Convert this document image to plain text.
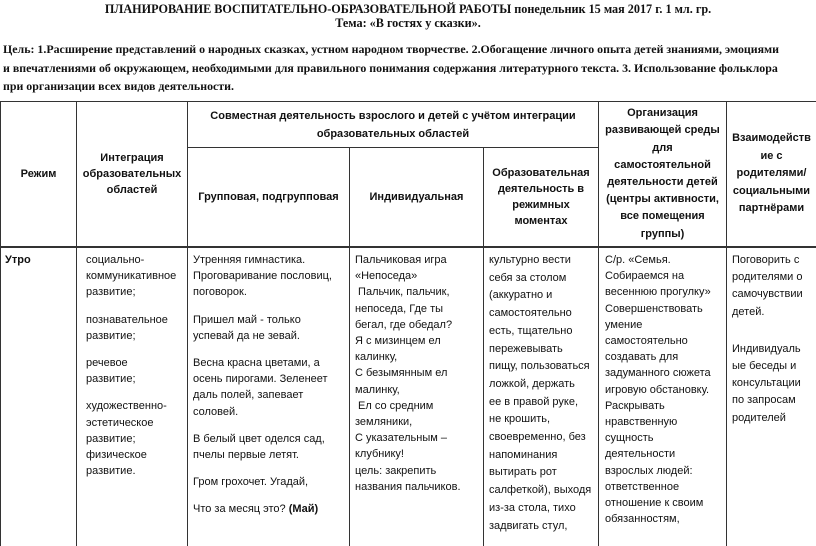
ПЛАНИРОВАНИЕ ВОСПИТАТЕЛЬНО-ОБРАЗОВАТЕЛЬНОЙ РАБОТЫ понедельник 15 мая 2017 г. 1 мл. гр.
Тема: «В гостях у сказки».

Цель: 1.Расширение представлений о народных сказках, устном народном творчестве. 2.Обогащение личного опыта детей знаниями, эмоциями

и впечатлениями об окружающем, необходимыми для правильного понимания содержания литературного текста. 3. Использование фольклора

при организации всех видов деятельности.

Режим
Интеграция
образовательных
областей
Совместная деятельность взрослого и детей с учётом интеграции
образовательных областей
Групповая, подгрупповая	Индивидуальная
Образовательная
деятельность в
режимных
моментах
Организация
развивающей среды
для
самостоятельной
деятельности детей
(центры активности,
все помещения
группы)
Взаимодейств
ие с
родителями/
социальными
партнёрами

Утро	социально-

коммуникативное

развитие;

познавательное

развитие;

речевое

развитие;

художественно-

эстетическое

развитие;

физическое

развитие.

Утренняя гимнастика.

Проговаривание пословиц,

поговорок.

Пришел май - только

успевай да не зевай.

Весна красна цветами, а

осень пирогами. Зеленеет

даль полей, запевает

соловей.

В белый цвет оделся сад,

пчелы первые летят.

Гром грохочет. Угадай,

Что за месяц это? (Май)

Пальчиковая игра

«Непоседа»

Пальчик, пальчик,

непоседа, Где ты

бегал, где обедал?

Я с мизинцем ел

калинку,

С безымянным ел

малинку,

Ел со средним

земляники,

С указательным –

клубнику!

цель: закрепить

названия пальчиков.

культурно вести

себя за столом

(аккуратно и

самостоятельно

есть, тщательно

пережевывать

пищу, пользоваться

ложкой, держать

ее в правой руке,

не крошить,

своевременно, без

напоминания

вытирать рот

салфеткой), выходя

из-за стола, тихо

задвигать стул,

С/р. «Семья.

Собираемся на

весеннюю прогулку»

Совершенствовать

умение

самостоятельно

создавать для

задуманного сюжета

игровую обстановку.

Раскрывать

нравственную

сущность

деятельности

взрослых людей:

ответственное

отношение к своим

обязанностям,

Поговорить с

родителями о

самочувствии

детей.

Индивидуаль

ые беседы и

консультации

по запросам

родителей
